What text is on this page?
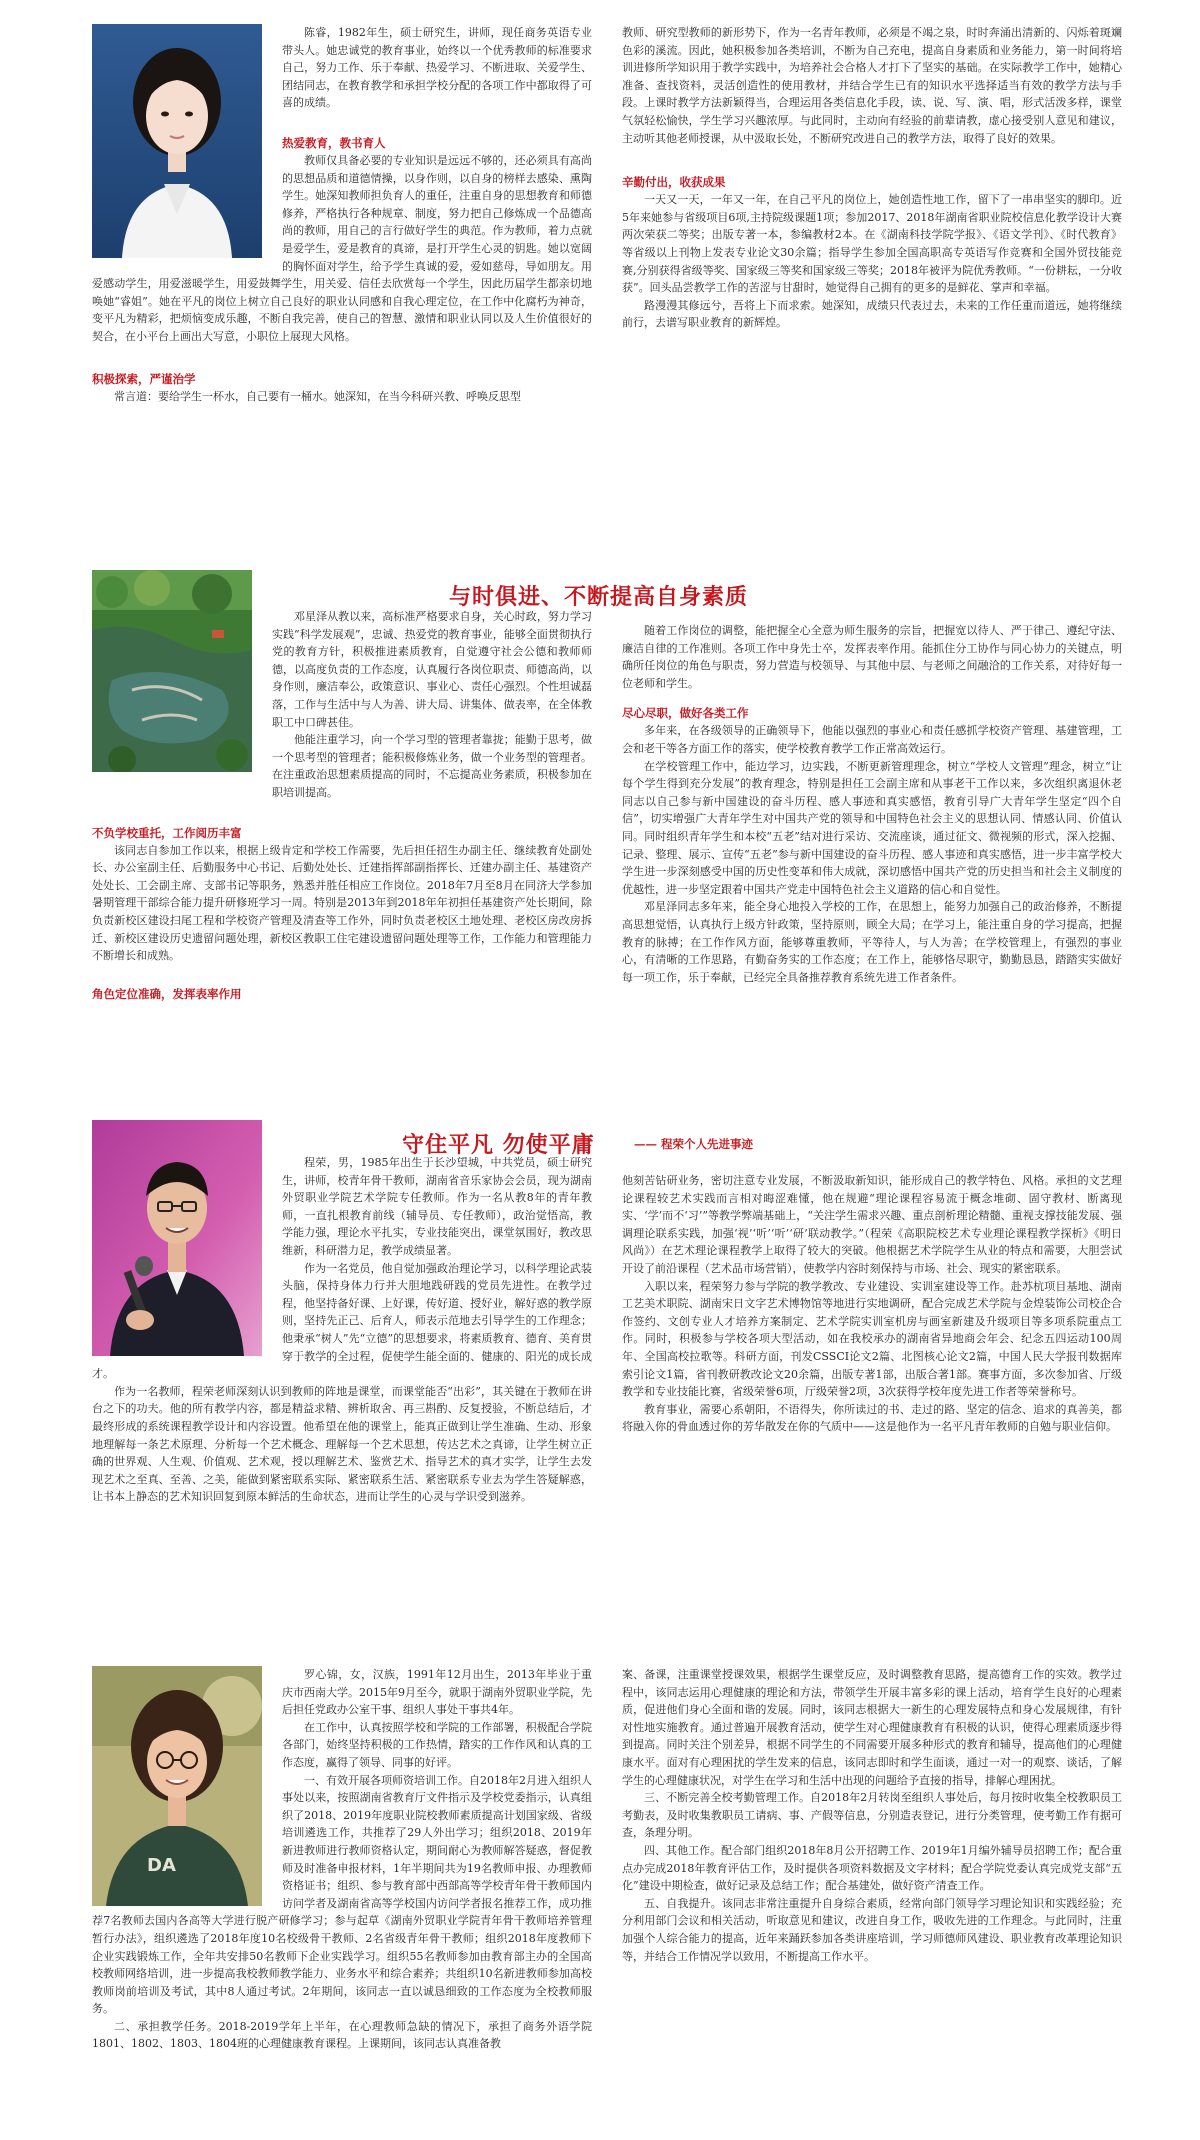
陈睿，1982年生，硕士研究生，讲师，现任商务英语专业带头人。她忠诚党的教育事业，始终以一个优秀教师的标准要求自己，努力工作、乐于奉献、热爱学习、不断进取、关爱学生、团结同志，在教育教学和承担学校分配的各项工作中都取得了可喜的成绩。

热爱教育，教书育人

教师仅具备必要的专业知识是远远不够的，还必须具有高尚的思想品质和道德情操，以身作则，以自身的榜样去感染、熏陶学生。她深知教师担负育人的重任，注重自身的思想教育和师德修养，严格执行各种规章、制度，努力把自己修炼成一个品德高尚的教师，用自己的言行做好学生的典范。作为教师，着力点就是爱学生，爱是教育的真谛，是打开学生心灵的钥匙。她以宽阔的胸怀面对学生，给予学生真诚的爱，爱如慈母，导如朋友。用爱感动学生，用爱滋暖学生，用爱鼓舞学生，用关爱、信任去欣赏每一个学生，因此历届学生都亲切地唤她“睿姐”。她在平凡的岗位上树立自己良好的职业认同感和自我心理定位，在工作中化腐朽为神奇，变平凡为精彩，把烦恼变成乐趣，不断自我完善，使自己的智慧、激情和职业认同以及人生价值很好的契合，在小平台上画出大写意，小职位上展现大风格。

积极探索，严谨治学

常言道：要给学生一杯水，自己要有一桶水。她深知，在当今科研兴教、呼唤反思型

教师、研究型教师的新形势下，作为一名青年教师，必须是不竭之泉，时时奔涌出清新的、闪烁着斑斓色彩的溪流。因此，她积极参加各类培训，不断为自己充电，提高自身素质和业务能力，第一时间将培训进修所学知识用于教学实践中，为培养社会合格人才打下了坚实的基础。在实际教学工作中，她精心准备、查找资料，灵活创造性的使用教材，并结合学生已有的知识水平选择适当有效的教学方法与手段。上课时教学方法新颖得当，合理运用各类信息化手段，读、说、写、演、唱，形式活泼多样，课堂气氛轻松愉快，学生学习兴趣浓厚。与此同时，主动向有经验的前辈请教，虚心接受别人意见和建议，主动听其他老师授课，从中汲取长处，不断研究改进自己的教学方法，取得了良好的效果。

辛勤付出，收获成果

一天又一天，一年又一年，在自己平凡的岗位上，她创造性地工作，留下了一串串坚实的脚印。近5年来她参与省级项目6项,主持院级课题1项；参加2017、2018年湖南省职业院校信息化教学设计大赛两次荣获二等奖；出版专著一本，参编教材2本。在《湖南科技学院学报》、《语文学刊》、《时代教育》等省级以上刊物上发表专业论文30余篇；指导学生参加全国高职高专英语写作竞赛和全国外贸技能竞赛,分别获得省级等奖、国家级三等奖和国家级三等奖；2018年被评为院优秀教师。“一份耕耘，一分收获”。回头品尝教学工作的苦涩与甘甜时，她觉得自己拥有的更多的是鲜花、掌声和幸福。

路漫漫其修远兮，吾将上下而求索。她深知，成绩只代表过去，未来的工作任重而道远，她将继续前行，去谱写职业教育的新辉煌。

与时俱进、不断提高自身素质

邓星泽从教以来，高标准严格要求自身，关心时政，努力学习实践“科学发展观”，忠诚、热爱党的教育事业，能够全面贯彻执行党的教育方针，积极推进素质教育，自觉遵守社会公德和教师师德，以高度负责的工作态度，认真履行各岗位职责、师德高尚，以身作则，廉洁奉公，政策意识、事业心、责任心强烈。个性坦诚磊落，工作与生活中与人为善、讲大局、讲集体、做表率，在全体教职工中口碑甚佳。

他能注重学习，向一个学习型的管理者靠拢；能勤于思考，做一个思考型的管理者；能积极修炼业务，做一个业务型的管理者。在注重政治思想素质提高的同时，不忘提高业务素质，积极参加在职培训提高。

不负学校重托，工作阅历丰富

该同志自参加工作以来，根据上级肯定和学校工作需要，先后担任招生办副主任、继续教育处副处长、办公室副主任、后勤服务中心书记、后勤处处长、迁建指挥部副指挥长、迁建办副主任、基建资产处处长、工会副主席、支部书记等职务，熟悉并胜任相应工作岗位。2018年7月至8月在同济大学参加暑期管理干部综合能力提升研修班学习一周。特别是2013年到2018年年初担任基建资产处长期间，除负责新校区建设扫尾工程和学校资产管理及清查等工作外，同时负责老校区土地处理、老校区房改房拆迁、新校区建设历史遗留问题处理，新校区教职工住宅建设遗留问题处理等工作，工作能力和管理能力不断增长和成熟。

角色定位准确，发挥表率作用

随着工作岗位的调整，能把握全心全意为师生服务的宗旨，把握宽以待人、严于律己、遵纪守法、廉洁自律的工作准则。各项工作中身先士卒，发挥表率作用。能抓住分工协作与同心协力的关键点，明确所任岗位的角色与职责，努力营造与校领导、与其他中层、与老师之间融洽的工作关系，对待好每一位老师和学生。

尽心尽职，做好各类工作

多年来，在各级领导的正确领导下，他能以强烈的事业心和责任感抓学校资产管理、基建管理，工会和老干等各方面工作的落实，使学校教育教学工作正常高效运行。

在学校管理工作中，能边学习，边实践，不断更新管理理念，树立“学校人文管理”理念，树立“让每个学生得到充分发展”的教育理念，特别是担任工会副主席和从事老干工作以来，多次组织离退休老同志以自己参与新中国建设的奋斗历程、感人事迹和真实感悟，教育引导广大青年学生坚定“四个自信”，切实增强广大青年学生对中国共产党的领导和中国特色社会主义的思想认同、情感认同、价值认同。同时组织青年学生和本校“五老”结对进行采访、交流座谈，通过征文、微视频的形式，深入挖掘、记录、整理、展示、宣传“五老”参与新中国建设的奋斗历程、感人事迹和真实感悟，进一步丰富学校大学生进一步深刻感受中国的历史性变革和伟大成就，深切感悟中国共产党的历史担当和社会主义制度的优越性，进一步坚定跟着中国共产党走中国特色社会主义道路的信心和自觉性。

邓星泽同志多年来，能全身心地投入学校的工作，在思想上，能努力加强自己的政治修养，不断提高思想觉悟，认真执行上级方针政策，坚持原则，顾全大局；在学习上，能注重自身的学习提高，把握教育的脉搏；在工作作风方面，能够尊重教师，平等待人，与人为善；在学校管理上，有强烈的事业心，有清晰的工作思路，有勤奋务实的工作态度；在工作上，能够恪尽职守，勤勤恳恳，踏踏实实做好每一项工作，乐于奉献，已经完全具备推荐教育系统先进工作者条件。

守住平凡 勿使平庸	—— 程荣个人先进事迹

程荣，男，1985年出生于长沙望城，中共党员，硕士研究生，讲师，校青年骨干教师，湖南省音乐家协会会员，现为湖南外贸职业学院艺术学院专任教师。作为一名从教8年的青年教师，一直扎根教育前线（辅导员、专任教师），政治觉悟高，教学能力强，理论水平扎实，专业技能突出，课堂氛围好，教改思维新，科研潜力足，教学成绩显著。

作为一名党员，他自觉加强政治理论学习，以科学理论武装头脑，保持身体力行并大胆地践研践的党员先进性。在教学过程，他坚持备好课、上好课，传好道、授好业，解好惑的教学原则，坚持先正己、后育人，师表示范地去引导学生的工作理念；他秉承“树人”先“立德”的思想要求，将素质教育、德育、美育贯穿于教学的全过程，促使学生能全面的、健康的、阳光的成长成才。

作为一名教师，程荣老师深刻认识到教师的阵地是课堂，而课堂能否“出彩”，其关键在于教师在讲台之下的功夫。他的所有教学内容，都是精益求精、辨析取舍、再三斟酌、反复授验，不断总结后，才最终形成的系统课程教学设计和内容设置。他希望在他的课堂上，能真正做到让学生准确、生动、形象地理解每一条艺术原理、分析每一个艺术概念、理解每一个艺术思想，传达艺术之真谛，让学生树立正确的世界观、人生观、价值观、艺术观，授以理解艺术、鉴赏艺术、指导艺术的真才实学，让学生去发现艺术之至真、至善、之美，能做到紧密联系实际、紧密联系生活、紧密联系专业去为学生答疑解惑，让书本上静态的艺术知识回复到原本鲜活的生命状态，进而让学生的心灵与学识受到滋养。

他刻苦钻研业务，密切注意专业发展，不断汲取新知识，能形成自己的教学特色、风格。承担的文艺理论课程较艺术实践而言相对晦涩难懂，他在规避“理论课程容易流于概念堆砌、固守教材、断离现实、‘学’而不‘习’”等教学弊端基础上，“关注学生需求兴趣、重点剖析理论精髓、重视支撑技能发展、强调理论联系实践，加强‘视’‘听’‘听’‘研’联动教学。”（程荣《高职院校艺术专业理论课程教学探析》《明日风尚》）在艺术理论课程教学上取得了较大的突破。他根据艺术学院学生从业的特点和需要，大胆尝试开设了前沿课程（艺术品市场营销），使教学内容时刻保持与市场、社会、现实的紧密联系。

入职以来，程荣努力参与学院的教学教改、专业建设、实训室建设等工作。赴苏杭项目基地、湖南工艺美术职院、湖南宋日文字艺术博物馆等地进行实地调研，配合完成艺术学院与金煌装饰公司校企合作签约、文创专业人才培养方案制定、艺术学院实训室机房与画室新建及升级项目等多项系院重点工作。同时，积极参与学校各项大型活动，如在我校承办的湖南省异地商会年会、纪念五四运动100周年、全国高校拉歌等。科研方面，刊发CSSCI论文2篇、北图核心论文2篇，中国人民大学报刊数据库索引论文1篇，省刊教研教改论文20余篇，出版专著1部，出版合著1部。赛事方面，多次参加省、厅级教学和专业技能比赛，省级荣誉6项，厅级荣誉2项，3次获得学校年度先进工作者等荣誉称号。

教育事业，需要心系朝阳，不语得失，你所读过的书、走过的路、坚定的信念、追求的真善美，都将融入你的骨血透过你的芳华散发在你的气质中——这是他作为一名平凡青年教师的自勉与职业信仰。

DA

罗心锦，女，汉族，1991年12月出生，2013年毕业于重庆市西南大学。2015年9月至今，就职于湖南外贸职业学院，先后担任党政办公室干事、组织人事处干事共4年。

在工作中，认真按照学校和学院的工作部署，积极配合学院各部门，始终坚持积极的工作热情，踏实的工作作风和认真的工作态度，赢得了领导、同事的好评。

一、有效开展各项师资培训工作。自2018年2月进入组织人事处以来，按照湖南省教育厅文件指示及学校党委指示，认真组织了2018、2019年度职业院校教师素质提高计划国家级、省级培训遴选工作，共推荐了29人外出学习；组织2018、2019年新进教师进行教师资格认定，期间耐心为教师解答疑惑，督促教师及时准备申报材料，1年半期间共为19名教师申报、办理教师资格证书；组织、参与教育部中西部高等学校青年骨干教师国内访问学者及湖南省高等学校国内访问学者报名推荐工作，成功推荐7名教师去国内各高等大学进行脱产研修学习；参与起草《湖南外贸职业学院青年骨干教师培养管理暂行办法》，组织遴选了2018年度10名校级骨干教师、2名省级青年骨干教师；组织2018年度教师下企业实践锻炼工作，全年共安排50名教师下企业实践学习。组织55名教师参加由教育部主办的全国高校教师网络培训，进一步提高我校教师教学能力、业务水平和综合素养；共组织10名新进教师参加高校教师岗前培训及考试，其中8人通过考试。2年期间，该同志一直以诚恳细致的工作态度为全校教师服务。

二、承担教学任务。2018-2019学年上半年，在心理教师急缺的情况下，承担了商务外语学院1801、1802、1803、1804班的心理健康教育课程。上课期间，该同志认真准备教

案、备课，注重课堂授课效果，根据学生课堂反应，及时调整教育思路，提高德育工作的实效。教学过程中，该同志运用心理健康的理论和方法，带领学生开展丰富多彩的课上活动，培育学生良好的心理素质，促进他们身心全面和谐的发展。同时，该同志根据大一新生的心理发展特点和身心发展规律，有针对性地实施教育。通过普遍开展教育活动，使学生对心理健康教育有积极的认识，使得心理素质逐步得到提高。同时关注个别差异，根据不同学生的不同需要开展多种形式的教育和辅导，提高他们的心理健康水平。面对有心理困扰的学生发来的信息，该同志即时和学生面谈，通过一对一的观察、谈话，了解学生的心理健康状况，对学生在学习和生活中出现的问题给予直接的指导，排解心理困扰。

三、不断完善全校考勤管理工作。自2018年2月转岗至组织人事处后，每月按时收集全校教职员工考勤表，及时收集教职员工请病、事、产假等信息，分别造表登记，进行分类管理，使考勤工作有据可查，条理分明。

四、其他工作。配合部门组织2018年8月公开招聘工作、2019年1月编外辅导员招聘工作；配合重点办完成2018年教育评估工作，及时提供各项资料数据及文字材料；配合学院党委认真完成党支部“五化”建设中期检查，做好记录及总结工作；配合基建处，做好资产清查工作。

五、自我提升。该同志非常注重提升自身综合素质，经常向部门领导学习理论知识和实践经验；充分利用部门会议和相关活动，听取意见和建议，改进自身工作，吸收先进的工作理念。与此同时，注重加强个人综合能力的提高，近年来踊跃参加各类讲座培训，学习师德师风建设、职业教育改革理论知识等，并结合工作情况学以致用，不断提高工作水平。
